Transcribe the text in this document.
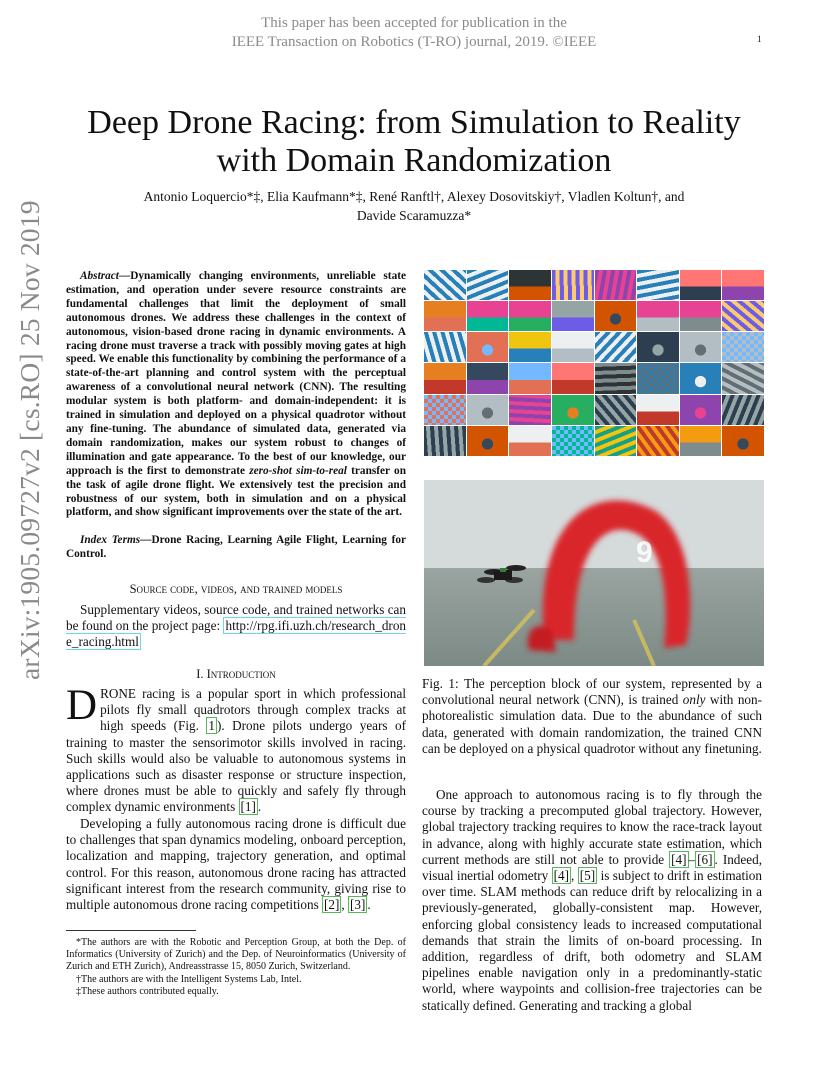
This paper has been accepted for publication in the
IEEE Transaction on Robotics (T-RO) journal, 2019. ©IEEE	1
arXiv:1905.09727v2 [cs.RO] 25 Nov 2019
Deep Drone Racing: from Simulation to Reality
with Domain Randomization
Antonio Loquercio*‡, Elia Kaufmann*‡, René Ranftl†, Alexey Dosovitskiy†, Vladlen Koltun†, and
Davide Scaramuzza*
Abstract—Dynamically changing environments, unreliable state estimation, and operation under severe resource constraints are fundamental challenges that limit the deployment of small autonomous drones. We address these challenges in the context of autonomous, vision-based drone racing in dynamic environments. A racing drone must traverse a track with possibly moving gates at high speed. We enable this functionality by combining the performance of a state-of-the-art planning and control system with the perceptual awareness of a convolutional neural network (CNN). The resulting modular system is both platform- and domain-independent: it is trained in simulation and deployed on a physical quadrotor without any fine-tuning. The abundance of simulated data, generated via domain randomization, makes our system robust to changes of illumination and gate appearance. To the best of our knowledge, our approach is the first to demonstrate zero-shot sim-to-real transfer on the task of agile drone flight. We extensively test the precision and robustness of our system, both in simulation and on a physical platform, and show significant improvements over the state of the art.
Index Terms—Drone Racing, Learning Agile Flight, Learning for Control.
Source code, videos, and trained models
Supplementary videos, source code, and trained networks can be found on the project page: http://rpg.ifi.uzh.ch/research_drone_racing.html
I. Introduction
DRONE racing is a popular sport in which professional pilots fly small quadrotors through complex tracks at high speeds (Fig. 1 ). Drone pilots undergo years of training to master the sensorimotor skills involved in racing. Such skills would also be valuable to autonomous systems in applications such as disaster response or structure inspection, where drones must be able to quickly and safely fly through complex dynamic environments [1] .
Developing a fully autonomous racing drone is difficult due to challenges that span dynamics modeling, onboard perception, localization and mapping, trajectory generation, and optimal control. For this reason, autonomous drone racing has attracted significant interest from the research community, giving rise to multiple autonomous drone racing competitions [2] , [3] .
*The authors are with the Robotic and Perception Group, at both the Dep. of Informatics (University of Zurich) and the Dep. of Neuroinformatics (University of Zurich and ETH Zurich), Andreasstrasse 15, 8050 Zurich, Switzerland.
†The authors are with the Intelligent Systems Lab, Intel.
‡These authors contributed equally.
9
Fig. 1: The perception block of our system, represented by a convolutional neural network (CNN), is trained only with non-photorealistic simulation data. Due to the abundance of such data, generated with domain randomization, the trained CNN can be deployed on a physical quadrotor without any finetuning.
One approach to autonomous racing is to fly through the course by tracking a precomputed global trajectory. However, global trajectory tracking requires to know the race-track layout in advance, along with highly accurate state estimation, which current methods are still not able to provide [4] – [6] . Indeed, visual inertial odometry [4] , [5] is subject to drift in estimation over time. SLAM methods can reduce drift by relocalizing in a previously-generated, globally-consistent map. However, enforcing global consistency leads to increased computational demands that strain the limits of on-board processing. In addition, regardless of drift, both odometry and SLAM pipelines enable navigation only in a predominantly-static world, where waypoints and collision-free trajectories can be statically defined. Generating and tracking a global
